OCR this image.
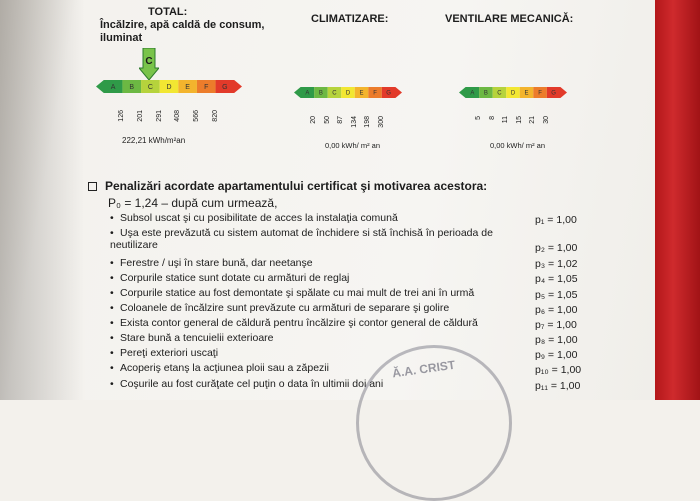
TOTAL:
Încălzire, apă caldă de consum, iluminat
CLIMATIZARE:	VENTILARE MECANICĂ:
C
A B C D E F G
A B C D E F G	A B C D E F G
126 201 291 408 566 820	20 50 87 134 198 300	5 8 11 15 21 30
222,21 kWh/m²an
0,00 kWh/ m² an	0,00 kWh/ m² an
Penalizări acordate apartamentului certificat şi motivarea acestora:
P₀ = 1,24 – după cum urmează,
• Subsol uscat şi cu posibilitate de acces la instalaţia comună	p₁ = 1,00
• Uşa este prevăzută cu sistem automat de închidere si stă închisă în perioada de neutilizare	p₂ = 1,00
• Ferestre / uşi în stare bună, dar neetanşe	p₃ = 1,02
• Corpurile statice sunt dotate cu armături de reglaj	p₄ = 1,05
• Corpurile statice au fost demontate şi spălate cu mai mult de trei ani în urmă	p₅ = 1,05
• Coloanele de încălzire sunt prevăzute cu armături de separare şi golire	p₆ = 1,00
• Exista contor general de căldură pentru încălzire şi contor general de căldură	p₇ = 1,00
• Stare bună a tencuielii exterioare	p₈ = 1,00
• Pereţi exteriori uscaţi	p₉ = 1,00
• Acoperiş etanş la acţiunea ploii sau a zăpezii	p₁₀ = 1,00
• Coşurile au fost curăţate cel puţin o data în ultimii doi ani	p₁₁ = 1,00
Ă.A. CRIST
